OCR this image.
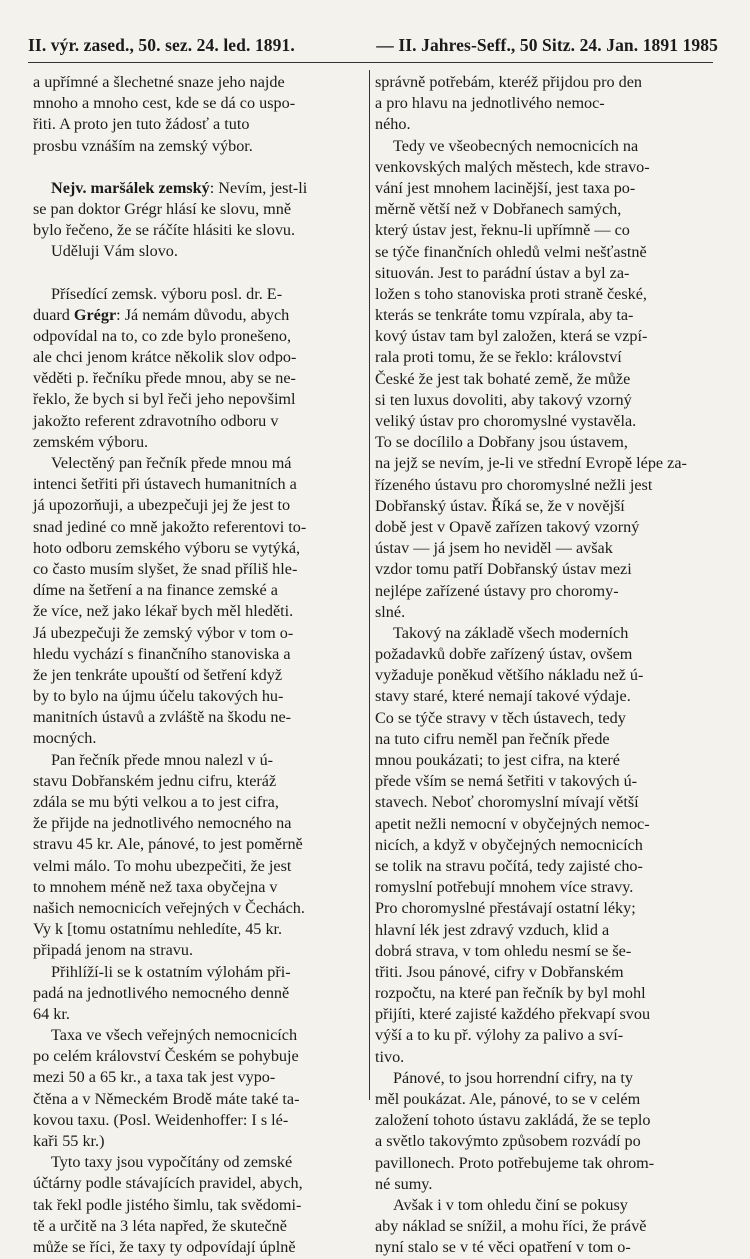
II. výr. zased., 50. sez. 24. led. 1891.	— II. Jahres-Seff., 50 Sitz. 24. Jan. 1891 1985
a upřímné a šlechetné snaze jeho najde
mnoho a mnoho cest, kde se dá co uspo-
řiti. A proto jen tuto žádosť a tuto
prosbu vznáším na zemský výbor.
Nejv. maršálek zemský: Nevím, jest-li
se pan doktor Grégr hlásí ke slovu, mně
bylo řečeno, že se ráčíte hlásiti ke slovu.
Uděluji Vám slovo.
Přísedící zemsk. výboru posl. dr. E-
duard Grégr: Já nemám důvodu, abych
odpovídal na to, co zde bylo pronešeno,
ale chci jenom krátce několik slov odpo-
věděti p. řečníku přede mnou, aby se ne-
řeklo, že bych si byl řeči jeho nepovšiml
jakožto referent zdravotního odboru v
zemském výboru.
Velectěný pan řečník přede mnou má
intenci šetřiti při ústavech humanitních a
já upozorňuji, a ubezpečuji jej že jest to
snad jediné co mně jakožto referentovi to-
hoto odboru zemského výboru se vytýká,
co často musím slyšet, že snad příliš hle-
díme na šetření a na finance zemské a
že více, než jako lékař bych měl hleděti.
Já ubezpečuji že zemský výbor v tom o-
hledu vychází s finančního stanoviska a
že jen tenkráte upouští od šetření když
by to bylo na újmu účelu takových hu-
manitních ústavů a zvláště na škodu ne-
mocných.
Pan řečník přede mnou nalezl v ú-
stavu Dobřanském jednu cifru, kteráž
zdála se mu býti velkou a to jest cifra,
že přijde na jednotlivého nemocného na
stravu 45 kr. Ale, pánové, to jest poměrně
velmi málo. To mohu ubezpečiti, že jest
to mnohem méně než taxa obyčejna v
našich nemocnicích veřejných v Čechách.
Vy k [tomu ostatnímu nehledíte, 45 kr.
připadá jenom na stravu.
Přihlíží-li se k ostatním výlohám při-
padá na jednotlivého nemocného denně
64 kr.
Taxa ve všech veřejných nemocnicích
po celém království Českém se pohybuje
mezi 50 a 65 kr., a taxa tak jest vypo-
čtěna a v Německém Brodě máte také ta-
kovou taxu. (Posl. Weidenhoffer: I s lé-
kaři 55 kr.)
Tyto taxy jsou vypočítány od zemské
účtárny podle stávajících pravidel, abych,
tak řekl podle jistého šimlu, tak svědomi-
tě a určitě na 3 léta napřed, že skutečně
může se říci, že taxy ty odpovídají úplně
správně potřebám, kteréž přijdou pro den
a pro hlavu na jednotlivého nemoc-
ného.
Tedy ve všeobecných nemocnicích na
venkovských malých městech, kde stravo-
vání jest mnohem lacinější, jest taxa po-
měrně větší než v Dobřanech samých,
který ústav jest, řeknu-li upřímně — co
se týče finančních ohledů velmi nešťastně
situován. Jest to parádní ústav a byl za-
ložen s toho stanoviska proti straně české,
kterás se tenkráte tomu vzpírala, aby ta-
kový ústav tam byl založen, která se vzpí-
rala proti tomu, že se řeklo: království
České že jest tak bohaté země, že může
si ten luxus dovoliti, aby takový vzorný
veliký ústav pro choromyslné vystavěla.
To se docílilo a Dobřany jsou ústavem,
na jejž se nevím, je-li ve střední Evropě lépe za-
řízeného ústavu pro choromyslné nežli jest
Dobřanský ústav. Říká se, že v novější
době jest v Opavě zařízen takový vzorný
ústav — já jsem ho neviděl — avšak
vzdor tomu patří Dobřanský ústav mezi
nejlépe zařízené ústavy pro choromy-
slné.
Takový na základě všech moderních
požadavků dobře zařízený ústav, ovšem
vyžaduje poněkud většího nákladu než ú-
stavy staré, které nemají takové výdaje.
Co se týče stravy v těch ústavech, tedy
na tuto cifru neměl pan řečník přede
mnou poukázati; to jest cifra, na které
přede vším se nemá šetřiti v takových ú-
stavech. Neboť choromyslní mívají větší
apetit nežli nemocní v obyčejných nemoc-
nicích, a když v obyčejných nemocnicích
se tolik na stravu počítá, tedy zajisté cho-
romyslní potřebují mnohem více stravy.
Pro choromyslné přestávají ostatní léky;
hlavní lék jest zdravý vzduch, klid a
dobrá strava, v tom ohledu nesmí se še-
třiti. Jsou pánové, cifry v Dobřanském
rozpočtu, na které pan řečník by byl mohl
přijíti, které zajisté každého překvapí svou
výší a to ku př. výlohy za palivo a sví-
tivo.
Pánové, to jsou horrendní cifry, na ty
měl poukázat. Ale, pánové, to se v celém
založení tohoto ústavu zakládá, že se teplo
a světlo takovýmto způsobem rozvádí po
pavillonech. Proto potřebujeme tak ohrom-
né sumy.
Avšak i v tom ohledu činí se pokusy
aby náklad se snížil, a mohu říci, že právě
nyní stalo se v té věci opatření v tom o-
